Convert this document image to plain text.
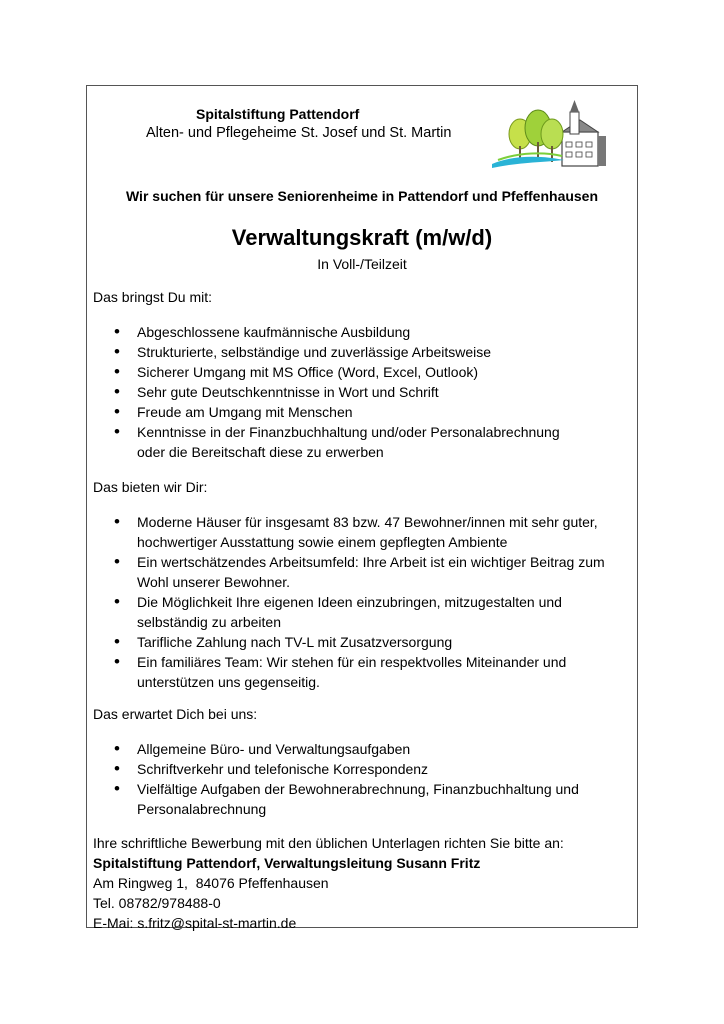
Spitalstiftung Pattendorf
Alten- und Pflegeheime St. Josef und St. Martin
Wir suchen für unsere Seniorenheime in Pattendorf und Pfeffenhausen
Verwaltungskraft (m/w/d)
In Voll-/Teilzeit
Das bringst Du mit:
• Abgeschlossene kaufmännische Ausbildung
• Strukturierte, selbständige und zuverlässige Arbeitsweise
• Sicherer Umgang mit MS Office (Word, Excel, Outlook)
• Sehr gute Deutschkenntnisse in Wort und Schrift
• Freude am Umgang mit Menschen
• Kenntnisse in der Finanzbuchhaltung und/oder Personalabrechnung oder die Bereitschaft diese zu erwerben
Das bieten wir Dir:
• Moderne Häuser für insgesamt 83 bzw. 47 Bewohner/innen mit sehr guter, hochwertiger Ausstattung sowie einem gepflegten Ambiente
• Ein wertschätzendes Arbeitsumfeld: Ihre Arbeit ist ein wichtiger Beitrag zum Wohl unserer Bewohner.
• Die Möglichkeit Ihre eigenen Ideen einzubringen, mitzugestalten und selbständig zu arbeiten
• Tarifliche Zahlung nach TV-L mit Zusatzversorgung
• Ein familiäres Team: Wir stehen für ein respektvolles Miteinander und unterstützen uns gegenseitig.
Das erwartet Dich bei uns:
• Allgemeine Büro- und Verwaltungsaufgaben
• Schriftverkehr und telefonische Korrespondenz
• Vielfältige Aufgaben der Bewohnerabrechnung, Finanzbuchhaltung und Personalabrechnung
Ihre schriftliche Bewerbung mit den üblichen Unterlagen richten Sie bitte an:
Spitalstiftung Pattendorf, Verwaltungsleitung Susann Fritz
Am Ringweg 1,  84076 Pfeffenhausen
Tel. 08782/978488-0
E-Mai: s.fritz@spital-st-martin.de
